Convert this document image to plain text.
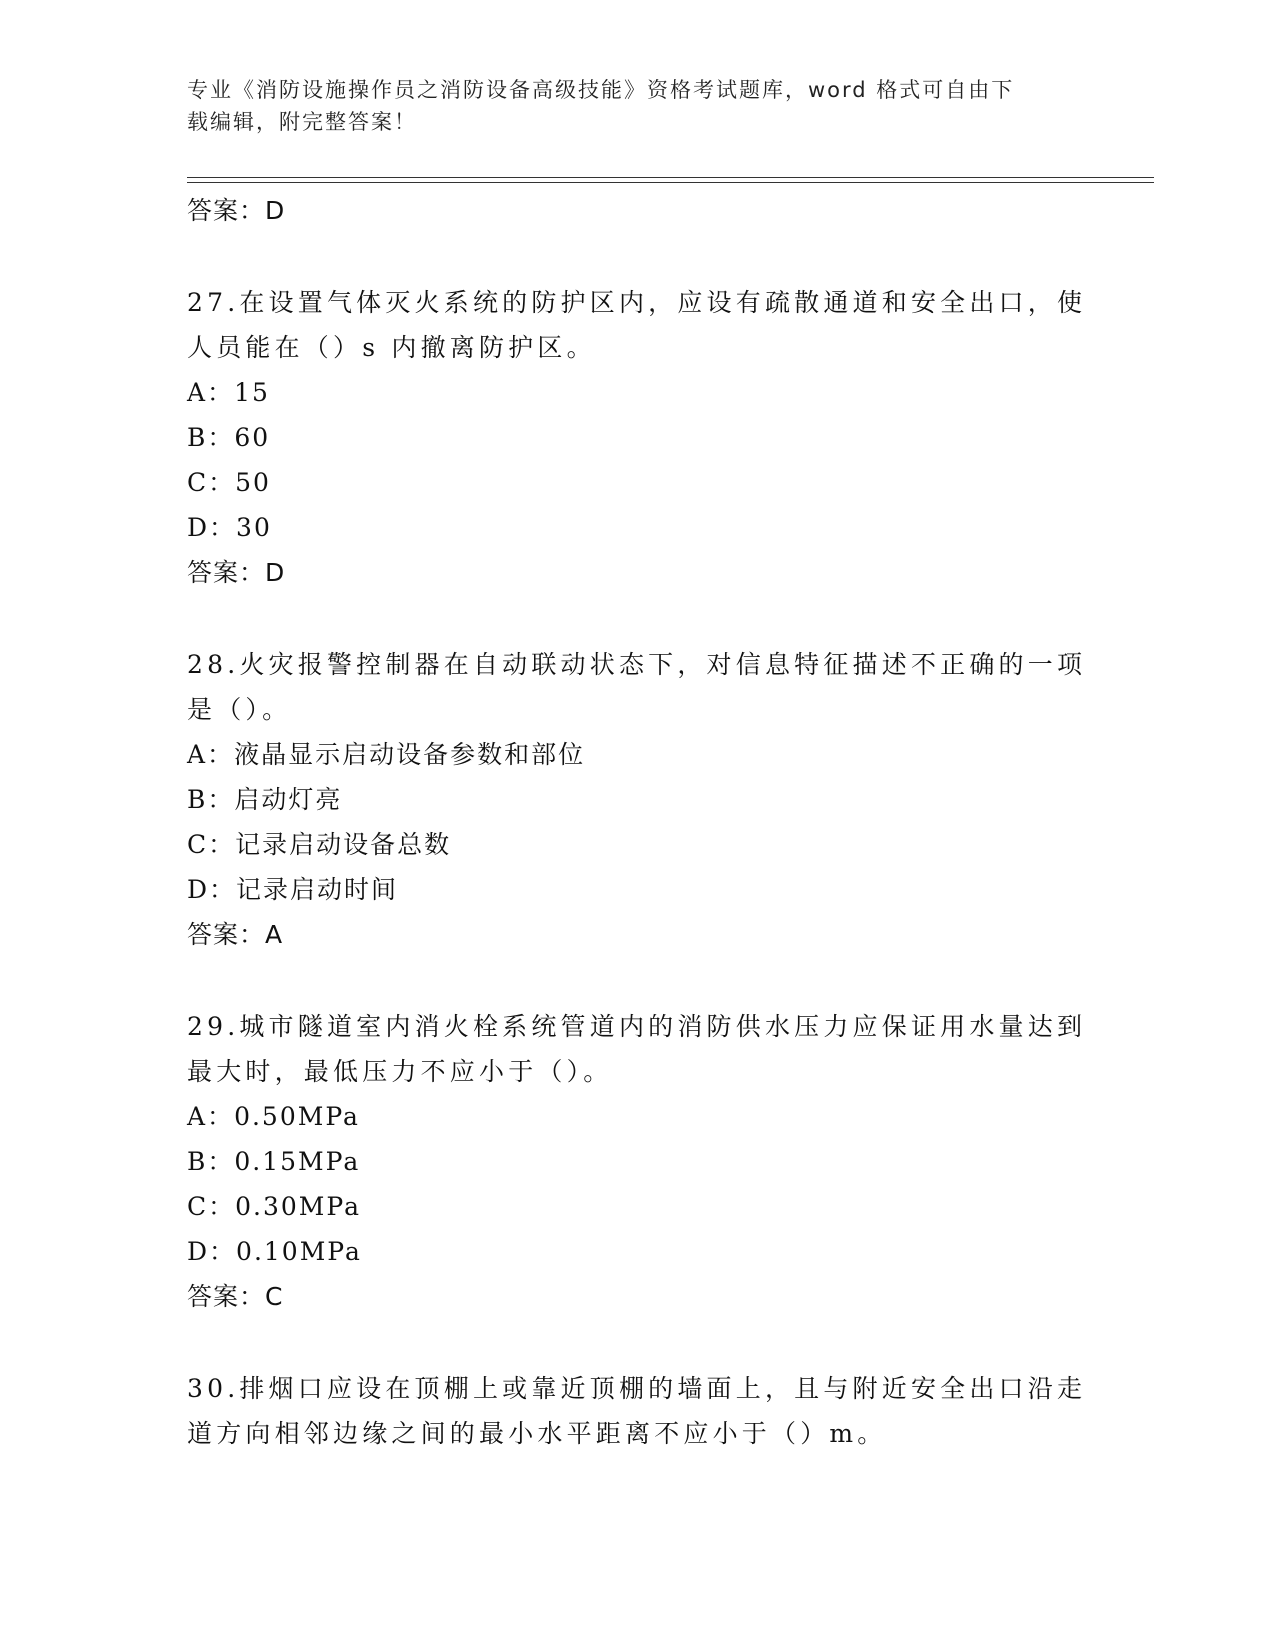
专业《消防设施操作员之消防设备高级技能》资格考试题库，word 格式可自由下
载编辑，附完整答案！
答案：D

27.在设置气体灭火系统的防护区内，应设有疏散通道和安全出口，使人员能在（）s 内撤离防护区。

A：15
B：60
C：50
D：30
答案：D

28.火灾报警控制器在自动联动状态下，对信息特征描述不正确的一项是（）。

A：液晶显示启动设备参数和部位
B：启动灯亮
C：记录启动设备总数
D：记录启动时间
答案：A

29.城市隧道室内消火栓系统管道内的消防供水压力应保证用水量达到最大时，最低压力不应小于（）。

A：0.50MPa
B：0.15MPa
C：0.30MPa
D：0.10MPa
答案：C

30.排烟口应设在顶棚上或靠近顶棚的墙面上，且与附近安全出口沿走道方向相邻边缘之间的最小水平距离不应小于（）m。
